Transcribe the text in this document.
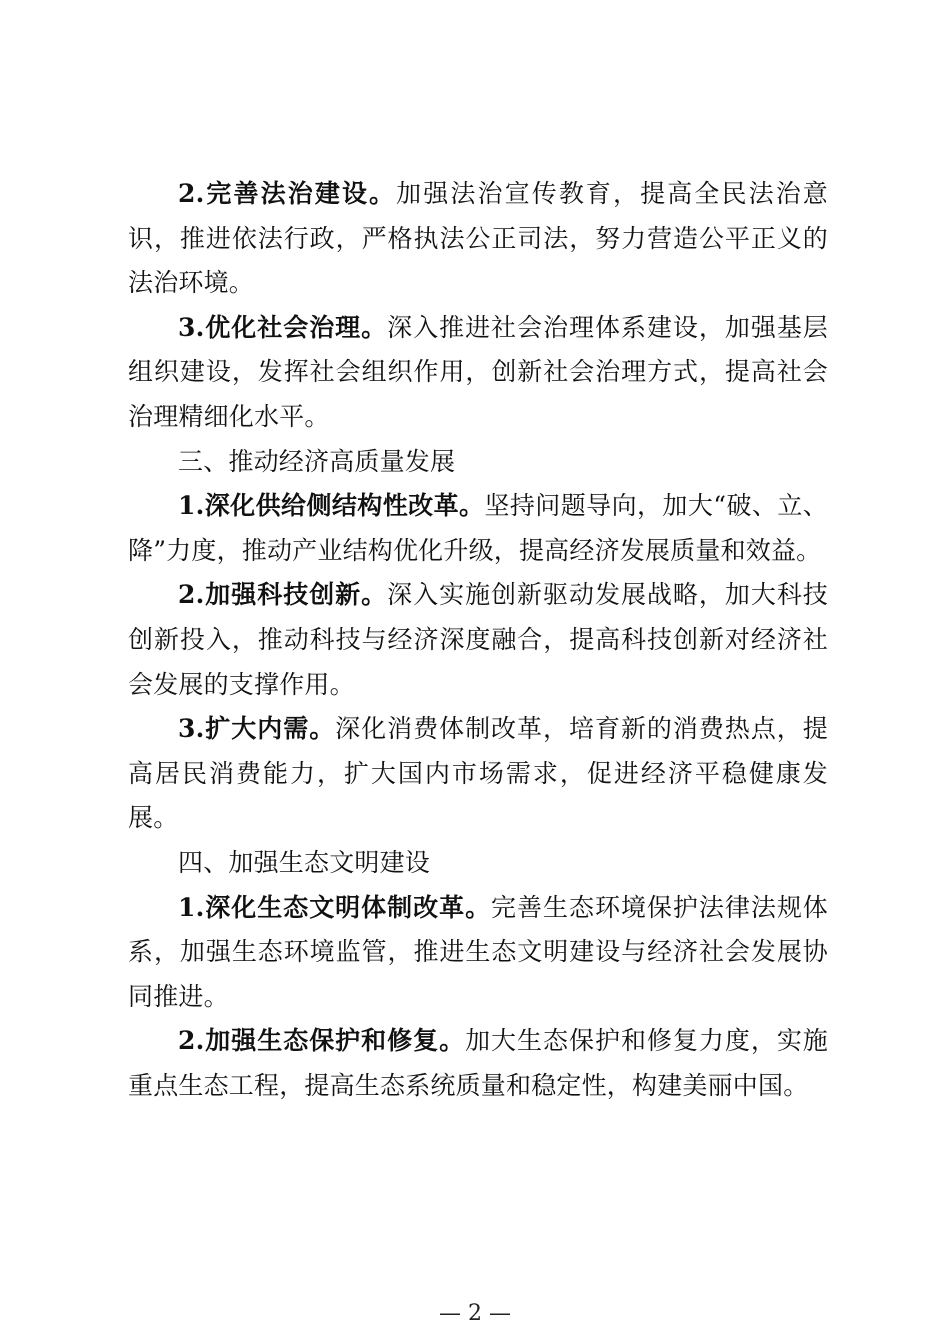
2.完善法治建设。加强法治宣传教育，提高全民法治意识，推进依法行政，严格执法公正司法，努力营造公平正义的法治环境。

3.优化社会治理。深入推进社会治理体系建设，加强基层组织建设，发挥社会组织作用，创新社会治理方式，提高社会治理精细化水平。

三、推动经济高质量发展

1.深化供给侧结构性改革。坚持问题导向，加大“破、立、降”力度，推动产业结构优化升级，提高经济发展质量和效益。

2.加强科技创新。深入实施创新驱动发展战略，加大科技创新投入，推动科技与经济深度融合，提高科技创新对经济社会发展的支撑作用。

3.扩大内需。深化消费体制改革，培育新的消费热点，提高居民消费能力，扩大国内市场需求，促进经济平稳健康发展。

四、加强生态文明建设

1.深化生态文明体制改革。完善生态环境保护法律法规体系，加强生态环境监管，推进生态文明建设与经济社会发展协同推进。

2.加强生态保护和修复。加大生态保护和修复力度，实施重点生态工程，提高生态系统质量和稳定性，构建美丽中国。

— 2 —
